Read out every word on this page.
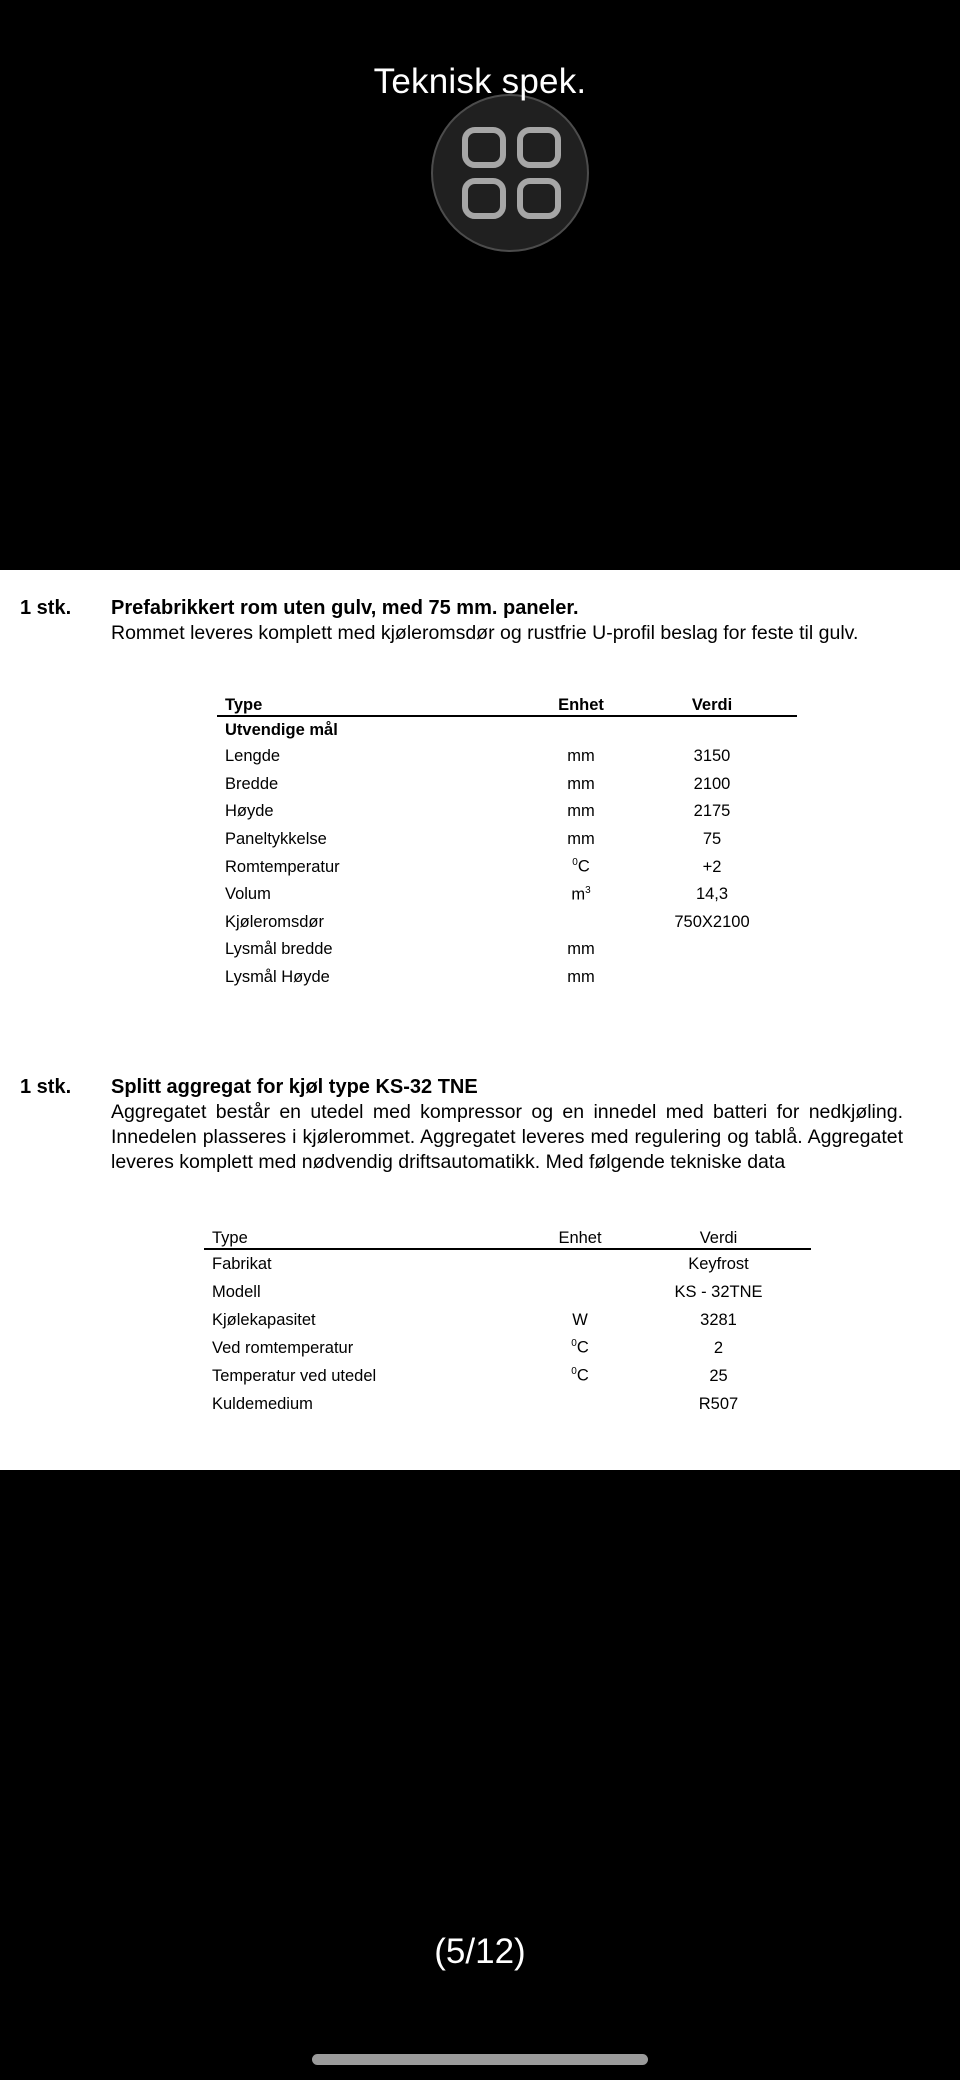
Teknisk spek.
1 stk. Prefabrikkert rom uten gulv, med 75 mm. paneler.
Rommet leveres komplett med kjøleromsdør og rustfrie U-profil beslag for feste til gulv.
Type	Enhet	Verdi
Utvendige mål		
Lengde	mm	3150
Bredde	mm	2100
Høyde	mm	2175
Paneltykkelse	mm	75
Romtemperatur	$^0$C	+2
Volum	$m^3$	14,3
Kjøleromsdør		750X2100
Lysmål bredde	mm	
Lysmål Høyde	mm	
1 stk. Splitt aggregat for kjøl type KS-32 TNE
Aggregatet består en utedel med kompressor og en innedel med batteri for nedkjøling. Innedelen plasseres i kjølerommet. Aggregatet leveres med regulering og tablå. Aggregatet leveres komplett med nødvendig driftsautomatikk. Med følgende tekniske data
Type	Enhet	Verdi
Fabrikat		Keyfrost
Modell		KS - 32TNE
Kjølekapasitet	W	3281
Ved romtemperatur	$^0$C	2
Temperatur ved utedel	$^0$C	25
Kuldemedium		R507
(5/12)
